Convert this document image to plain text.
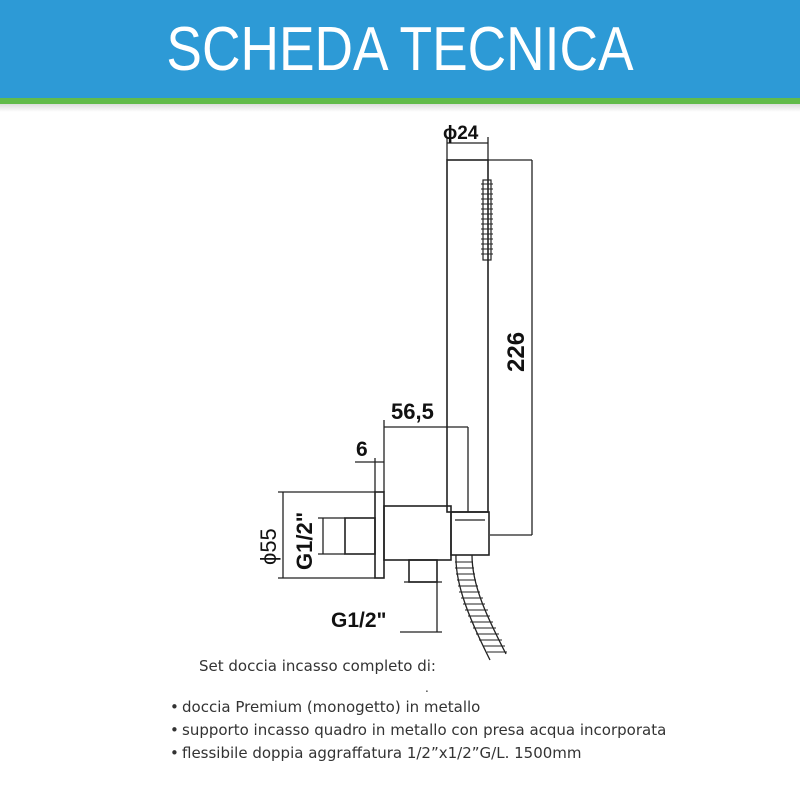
SCHEDA TECNICA
ϕ24
226
56,5
6
ϕ55 G1/2"
G1/2"
Set doccia incasso completo di:
.
• doccia Premium (monogetto) in metallo
• supporto incasso quadro in metallo con presa acqua incorporata
• flessibile doppia aggraffatura 1/2”x1/2”G/L. 1500mm
